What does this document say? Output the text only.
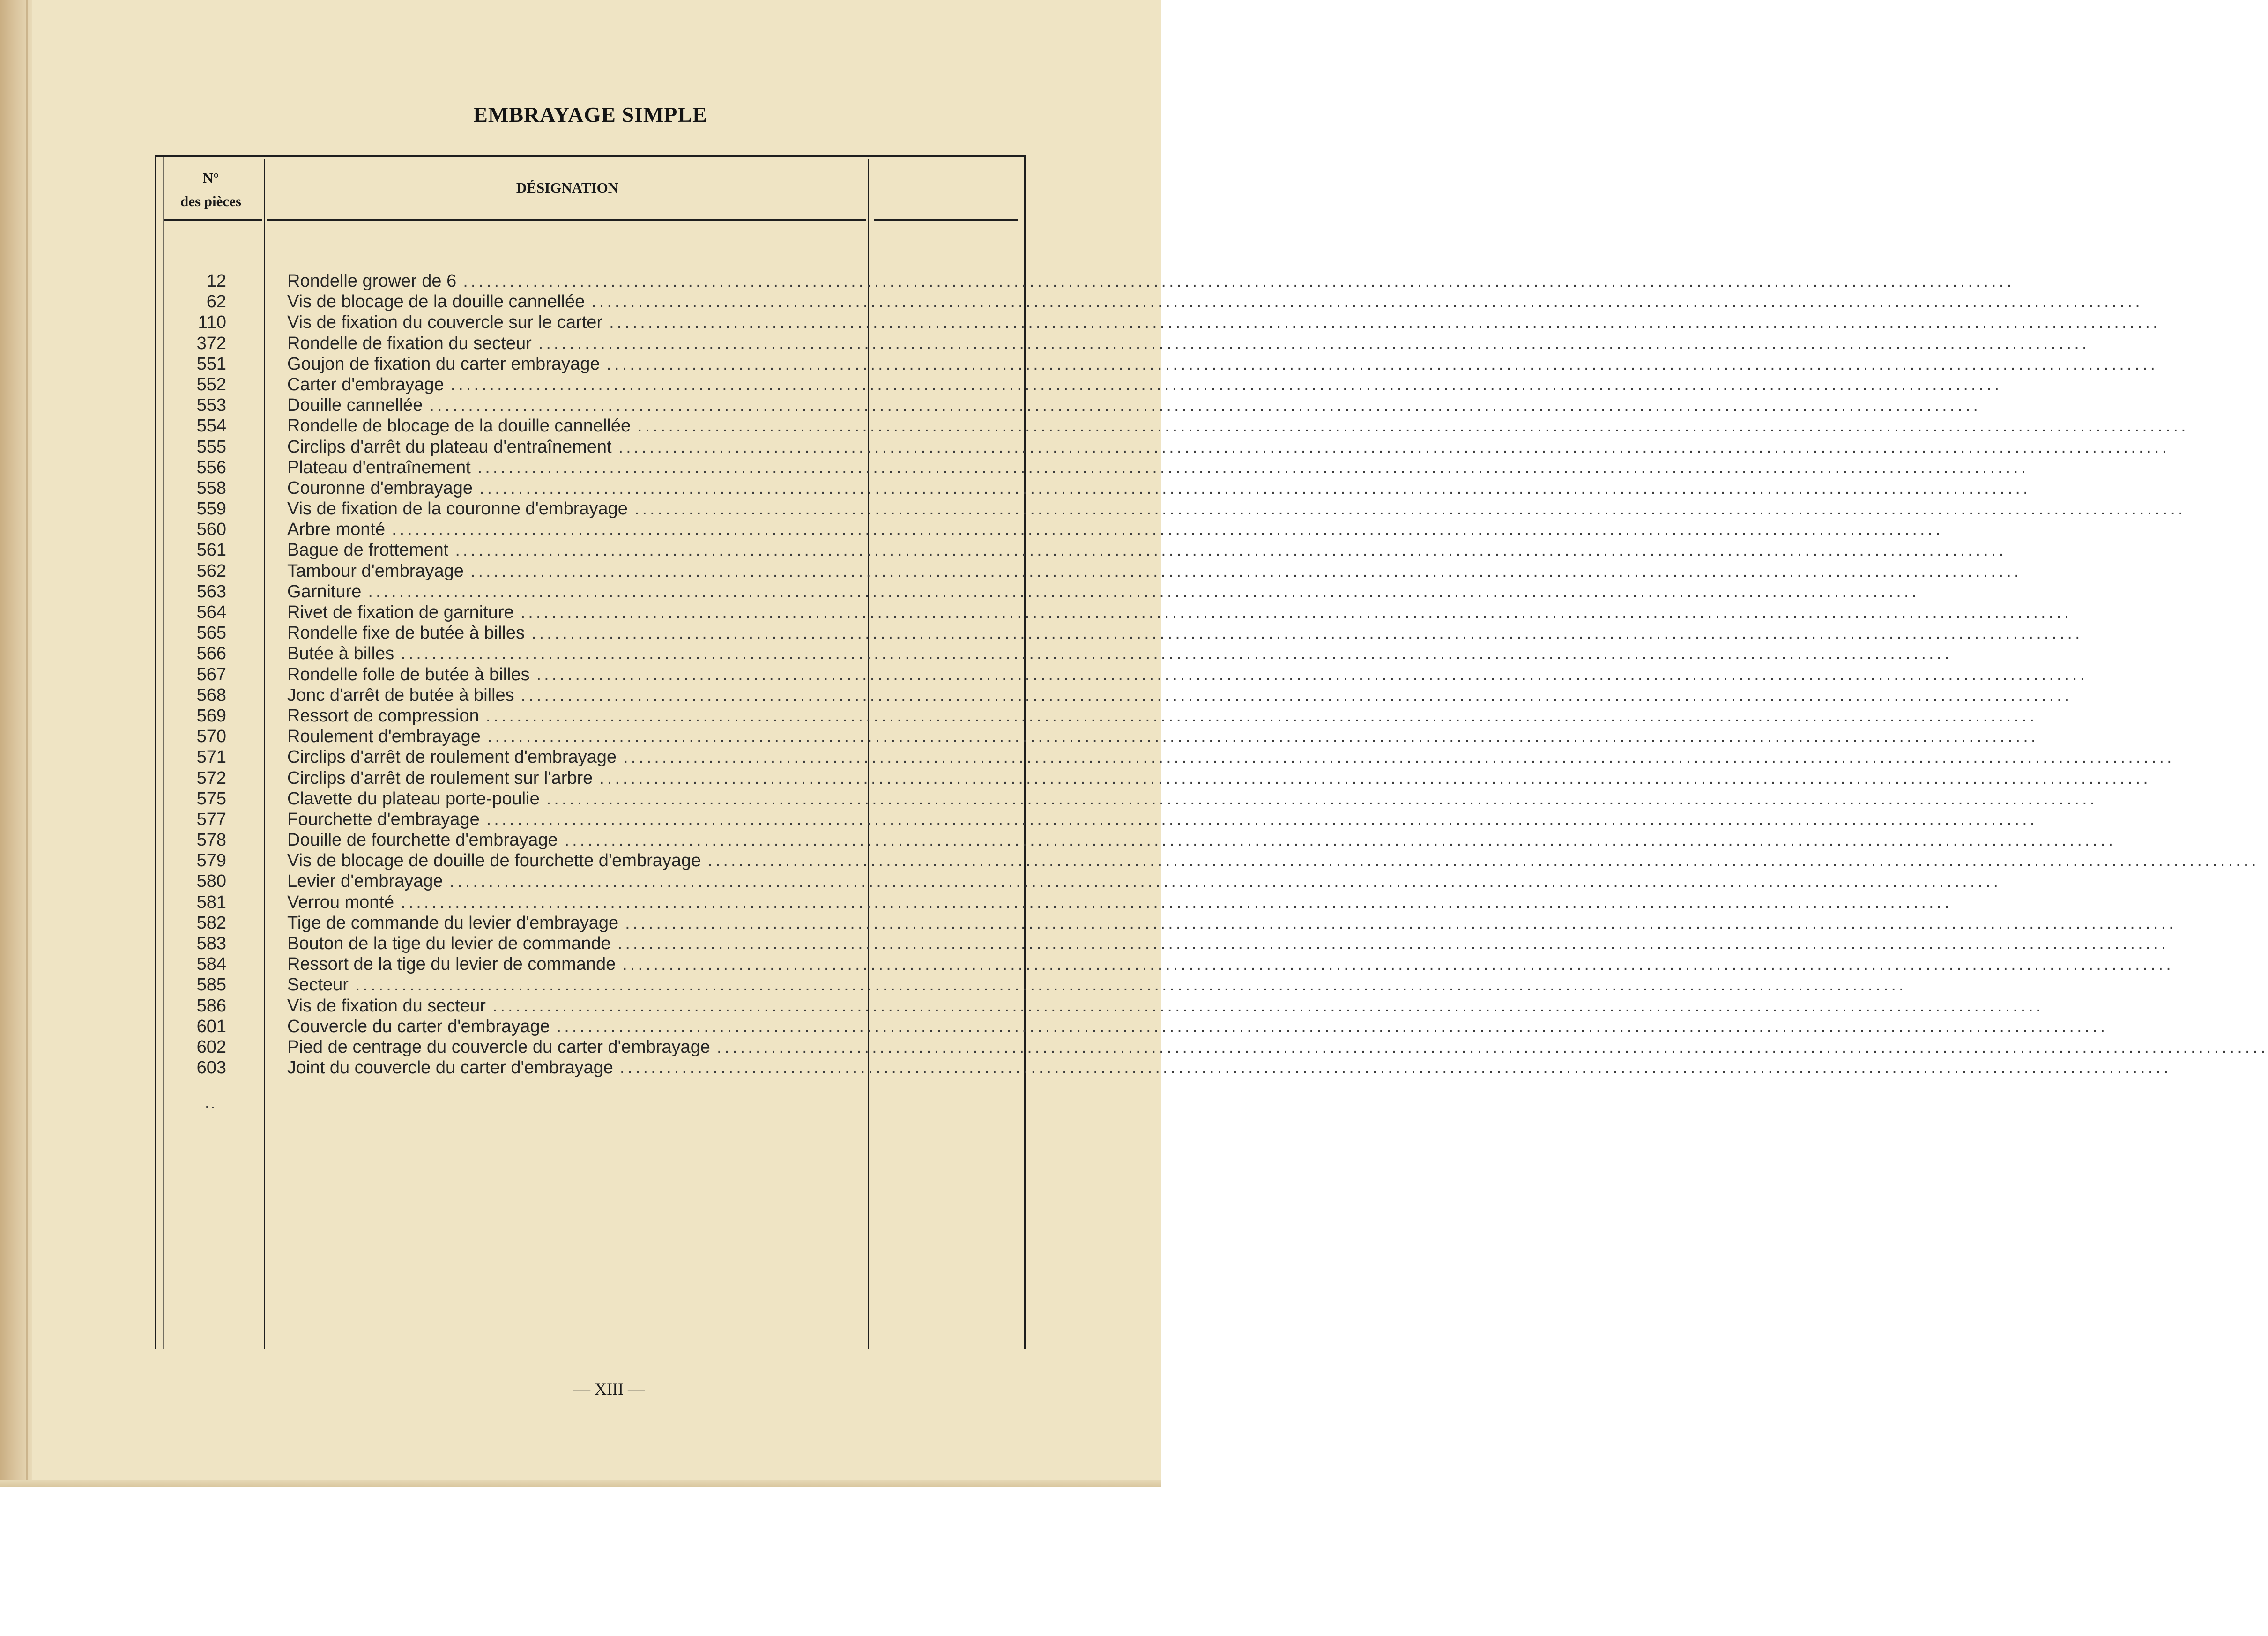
EMBRAYAGE SIMPLE
N°
des pièces
DÉSIGNATION
12	Rondelle grower de 6 ........................................................................................................................................................................................................
62	Vis de blocage de la douille cannellée ........................................................................................................................................................................................................
110	Vis de fixation du couvercle sur le carter ........................................................................................................................................................................................................
372	Rondelle de fixation du secteur ........................................................................................................................................................................................................
551	Goujon de fixation du carter embrayage ........................................................................................................................................................................................................
552	Carter d'embrayage ........................................................................................................................................................................................................
553	Douille cannellée ........................................................................................................................................................................................................
554	Rondelle de blocage de la douille cannellée ........................................................................................................................................................................................................
555	Circlips d'arrêt du plateau d'entraînement ........................................................................................................................................................................................................
556	Plateau d'entraînement ........................................................................................................................................................................................................
558	Couronne d'embrayage ........................................................................................................................................................................................................
559	Vis de fixation de la couronne d'embrayage ........................................................................................................................................................................................................
560	Arbre monté ........................................................................................................................................................................................................
561	Bague de frottement ........................................................................................................................................................................................................
562	Tambour d'embrayage ........................................................................................................................................................................................................
563	Garniture ........................................................................................................................................................................................................
564	Rivet de fixation de garniture ........................................................................................................................................................................................................
565	Rondelle fixe de butée à billes ........................................................................................................................................................................................................
566	Butée à billes ........................................................................................................................................................................................................
567	Rondelle folle de butée à billes ........................................................................................................................................................................................................
568	Jonc d'arrêt de butée à billes ........................................................................................................................................................................................................
569	Ressort de compression ........................................................................................................................................................................................................
570	Roulement d'embrayage ........................................................................................................................................................................................................
571	Circlips d'arrêt de roulement d'embrayage ........................................................................................................................................................................................................
572	Circlips d'arrêt de roulement sur l'arbre ........................................................................................................................................................................................................
575	Clavette du plateau porte-poulie ........................................................................................................................................................................................................
577	Fourchette d'embrayage ........................................................................................................................................................................................................
578	Douille de fourchette d'embrayage ........................................................................................................................................................................................................
579	Vis de blocage de douille de fourchette d'embrayage ........................................................................................................................................................................................................
580	Levier d'embrayage ........................................................................................................................................................................................................
581	Verrou monté ........................................................................................................................................................................................................
582	Tige de commande du levier d'embrayage ........................................................................................................................................................................................................
583	Bouton de la tige du levier de commande ........................................................................................................................................................................................................
584	Ressort de la tige du levier de commande ........................................................................................................................................................................................................
585	Secteur ........................................................................................................................................................................................................
586	Vis de fixation du secteur ........................................................................................................................................................................................................
601	Couvercle du carter d'embrayage ........................................................................................................................................................................................................
602	Pied de centrage du couvercle du carter d'embrayage ........................................................................................................................................................................................................
603	Joint du couvercle du carter d'embrayage ........................................................................................................................................................................................................
— XIII —
